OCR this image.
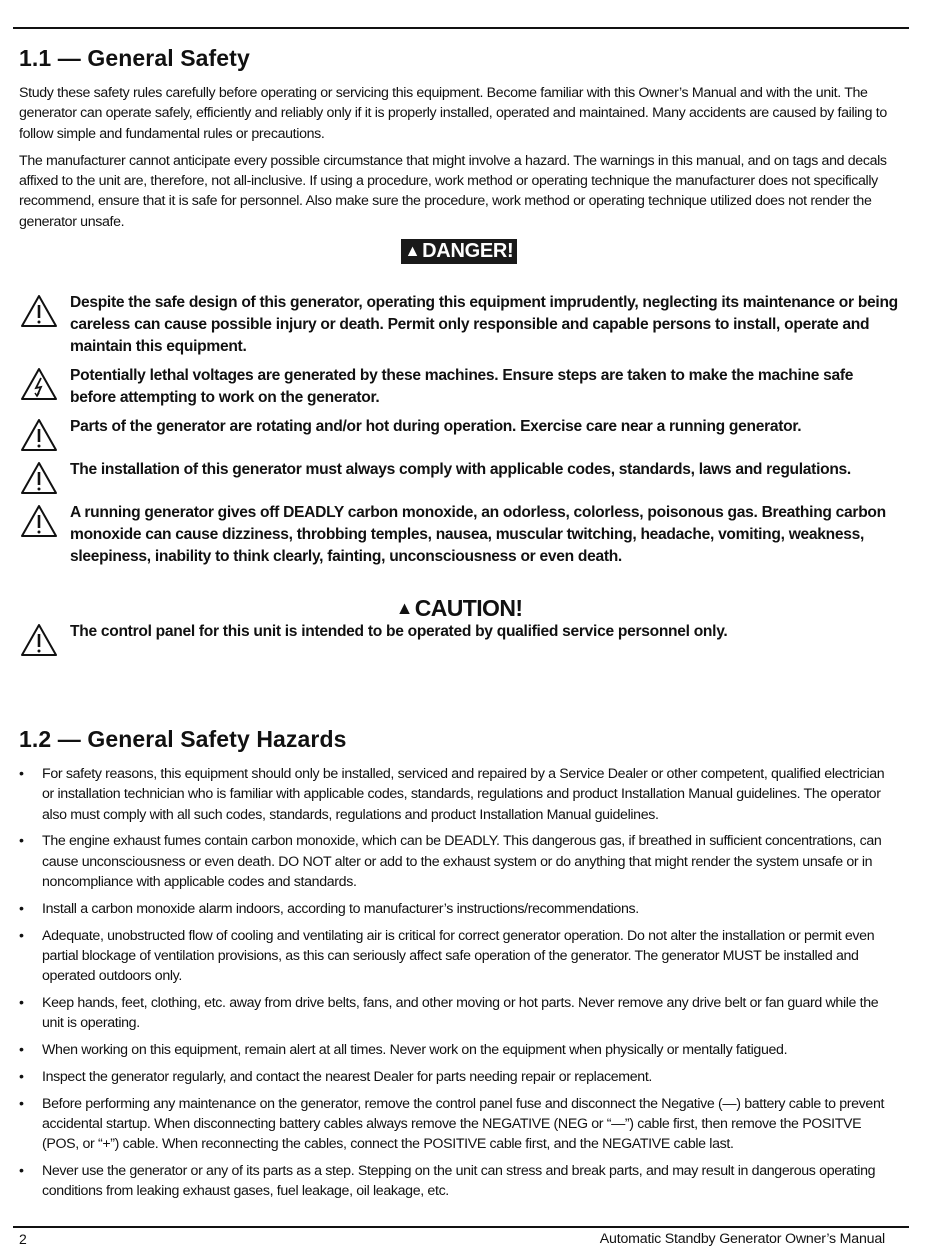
1.1 — General Safety

Study these safety rules carefully before operating or servicing this equipment. Become familiar with this Owner’s Manual and with the unit. The generator can operate safely, efficiently and reliably only if it is properly installed, operated and maintained. Many accidents are caused by failing to follow simple and fundamental rules or precautions.

The manufacturer cannot anticipate every possible circumstance that might involve a hazard. The warnings in this manual, and on tags and decals affixed to the unit are, therefore, not all-inclusive. If using a procedure, work method or operating technique the manufacturer does not specifically recommend, ensure that it is safe for personnel. Also make sure the procedure, work method or operating technique utilized does not render the generator unsafe.

▲ DANGER!
Despite the safe design of this generator, operating this equipment imprudently, neglecting its maintenance or being careless can cause possible injury or death. Permit only responsible and capable persons to install, operate and maintain this equipment.
Potentially lethal voltages are generated by these machines. Ensure steps are taken to make the machine safe before attempting to work on the generator.
Parts of the generator are rotating and/or hot during operation. Exercise care near a running generator.
The installation of this generator must always comply with applicable codes, standards, laws and regulations.
A running generator gives off DEADLY carbon monoxide, an odorless, colorless, poisonous gas. Breathing carbon monoxide can cause dizziness, throbbing temples, nausea, muscular twitching, headache, vomiting, weakness, sleepiness, inability to think clearly, fainting, unconsciousness or even death.
▲CAUTION!
The control panel for this unit is intended to be operated by qualified service personnel only.
1.2 — General Safety Hazards
• For safety reasons, this equipment should only be installed, serviced and repaired by a Service Dealer or other competent, qualified electrician or installation technician who is familiar with applicable codes, standards, regulations and product Installation Manual guidelines. The operator also must comply with all such codes, standards, regulations and product Installation Manual guidelines.
• The engine exhaust fumes contain carbon monoxide, which can be DEADLY. This dangerous gas, if breathed in sufficient concentrations, can cause unconsciousness or even death. DO NOT alter or add to the exhaust system or do anything that might render the system unsafe or in noncompliance with applicable codes and standards.
• Install a carbon monoxide alarm indoors, according to manufacturer’s instructions/recommendations.
• Adequate, unobstructed flow of cooling and ventilating air is critical for correct generator operation. Do not alter the installation or permit even partial blockage of ventilation provisions, as this can seriously affect safe operation of the generator. The generator MUST be installed and operated outdoors only.
• Keep hands, feet, clothing, etc. away from drive belts, fans, and other moving or hot parts. Never remove any drive belt or fan guard while the unit is operating.
• When working on this equipment, remain alert at all times. Never work on the equipment when physically or mentally fatigued.
• Inspect the generator regularly, and contact the nearest Dealer for parts needing repair or replacement.
• Before performing any maintenance on the generator, remove the control panel fuse and disconnect the Negative (—) battery cable to prevent accidental startup. When disconnecting battery cables always remove the NEGATIVE (NEG or “—”) cable first, then remove the POSITVE (POS, or “+”) cable. When reconnecting the cables, connect the POSITIVE cable first, and the NEGATIVE cable last.
• Never use the generator or any of its parts as a step. Stepping on the unit can stress and break parts, and may result in dangerous operating conditions from leaking exhaust gases, fuel leakage, oil leakage, etc.
2	Automatic Standby Generator Owner’s Manual
